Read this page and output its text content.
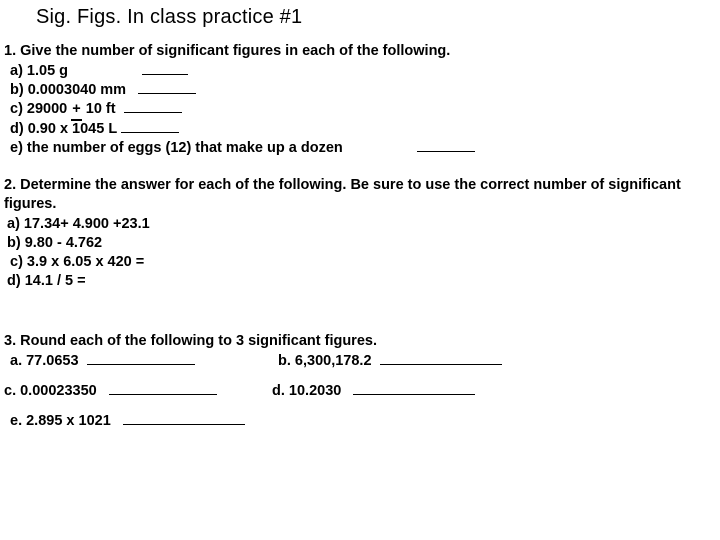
Sig. Figs. In class practice #1

1. Give the number of significant figures in each of the following.

a) 1.05 g

b) 0.0003040 mm

c) 29000 +
10 ft

d) 0.90 x 1045 L

e) the number of eggs (12) that make up a dozen

2. Determine the answer for each of the following. Be sure to use the correct number of significant figures.

a) 17.34+ 4.900 +23.1

b) 9.80 - 4.762

c) 3.9 x 6.05 x 420 =

d) 14.1 / 5 =

3. Round each of the following to 3 significant figures.

a. 77.0653	b. 6,300,178.2
c. 0.00023350	d. 10.2030

e. 2.895 x 1021
